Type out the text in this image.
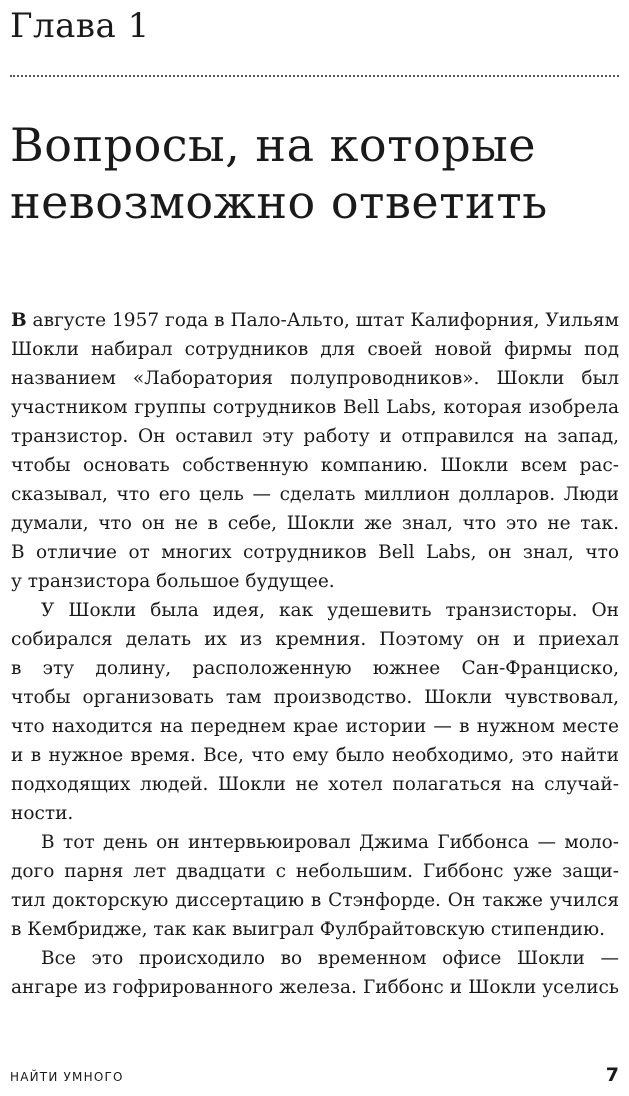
Глава 1
Вопросы, на которые
невозможно ответить
В августе 1957 года в Пало-Альто, штат Калифорния, Уильям
Шокли набирал сотрудников для своей новой фирмы под
названием «Лаборатория полупроводников». Шокли был
участником группы сотрудников Bell Labs, которая изобрела
транзистор. Он оставил эту работу и отправился на запад,
чтобы основать собственную компанию. Шокли всем рас-
сказывал, что его цель — сделать миллион долларов. Люди
думали, что он не в себе, Шокли же знал, что это не так.
В отличие от многих сотрудников Bell Labs, он знал, что
у транзистора большое будущее.
У Шокли была идея, как удешевить транзисторы. Он
собирался делать их из кремния. Поэтому он и приехал
в эту долину, расположенную южнее Сан-Франциско,
чтобы организовать там производство. Шокли чувствовал,
что находится на переднем крае истории — в нужном месте
и в нужное время. Все, что ему было необходимо, это найти
подходящих людей. Шокли не хотел полагаться на случай-
ности.
В тот день он интервьюировал Джима Гиббонса — моло-
дого парня лет двадцати с небольшим. Гиббонс уже защи-
тил докторскую диссертацию в Стэнфорде. Он также учился
в Кембридже, так как выиграл Фулбрайтовскую стипендию.
Все это происходило во временном офисе Шокли —
ангаре из гофрированного железа. Гиббонс и Шокли уселись
НАЙТИ УМНОГО	7
